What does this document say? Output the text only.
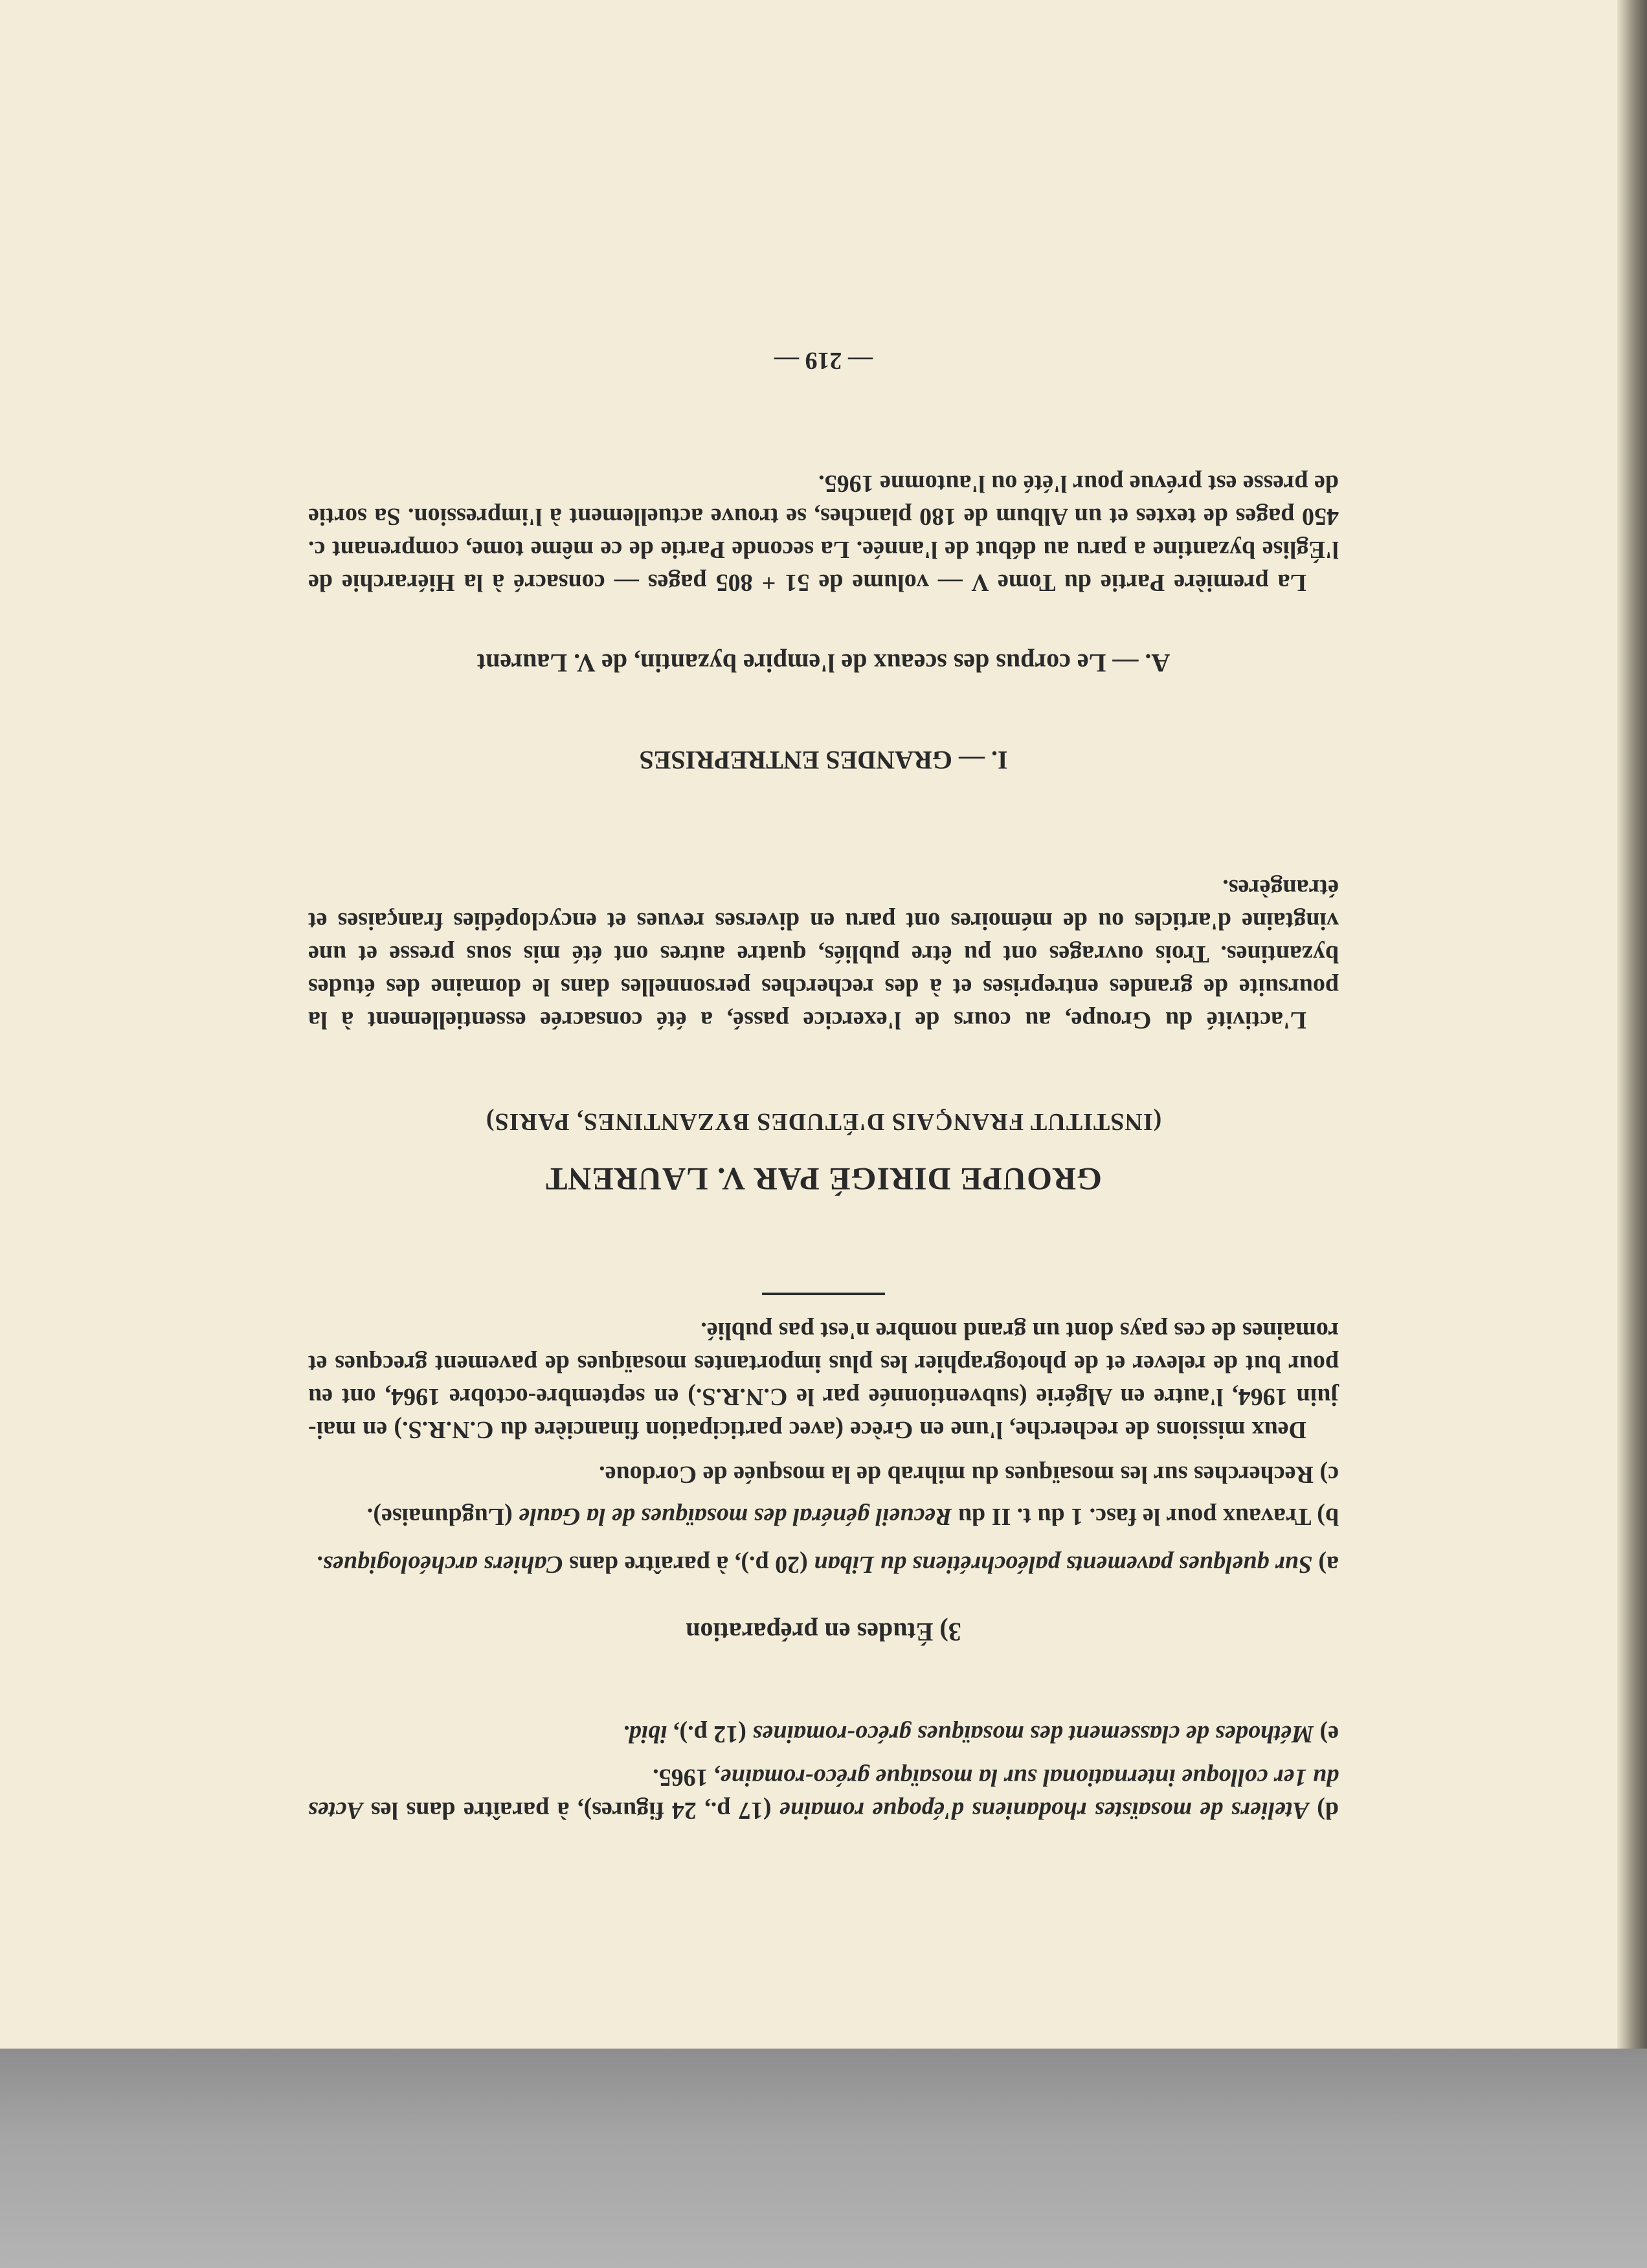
d) Ateliers de mosaïstes rhodaniens d'époque romaine (17 p., 24 figures), à paraître dans les Actes du 1er colloque international sur la mosaïque gréco-romaine, 1965.

e) Méthodes de classement des mosaïques gréco-romaines (12 p.), ibid.

3) Études en préparation

a) Sur quelques pavements paléochrétiens du Liban (20 p.), à paraître dans Cahiers archéologiques.

b) Travaux pour le fasc. 1 du t. II du Recueil général des mosaïques de la Gaule (Lugdunaise).

c) Recherches sur les mosaïques du mihrab de la mosquée de Cordoue.

Deux missions de recherche, l'une en Grèce (avec participation financière du C.N.R.S.) en mai-juin 1964, l'autre en Algérie (subventionnée par le C.N.R.S.) en septembre-octobre 1964, ont eu pour but de relever et de photographier les plus importantes mosaïques de pavement grecques et romaines de ces pays dont un grand nombre n'est pas publié.

GROUPE DIRIGÉ PAR V. LAURENT

(INSTITUT FRANÇAIS D'ÉTUDES BYZANTINES, PARIS)

L'activité du Groupe, au cours de l'exercice passé, a été consacrée essentiellement à la poursuite de grandes entreprises et à des recherches personnelles dans le domaine des études byzantines. Trois ouvrages ont pu être publiés, quatre autres ont été mis sous presse et une vingtaine d'articles ou de mémoires ont paru en diverses revues et encyclopédies françaises et étrangères.

I. — GRANDES ENTREPRISES

A. — Le corpus des sceaux de l'empire byzantin, de V. Laurent

La première Partie du Tome V — volume de 51 + 805 pages — consacré à la Hiérarchie de l'Église byzantine a paru au début de l'année. La seconde Partie de ce même tome, comprenant c. 450 pages de textes et un Album de 180 planches, se trouve actuellement à l'impression. Sa sortie de presse est prévue pour l'été ou l'automne 1965.

— 219 —
